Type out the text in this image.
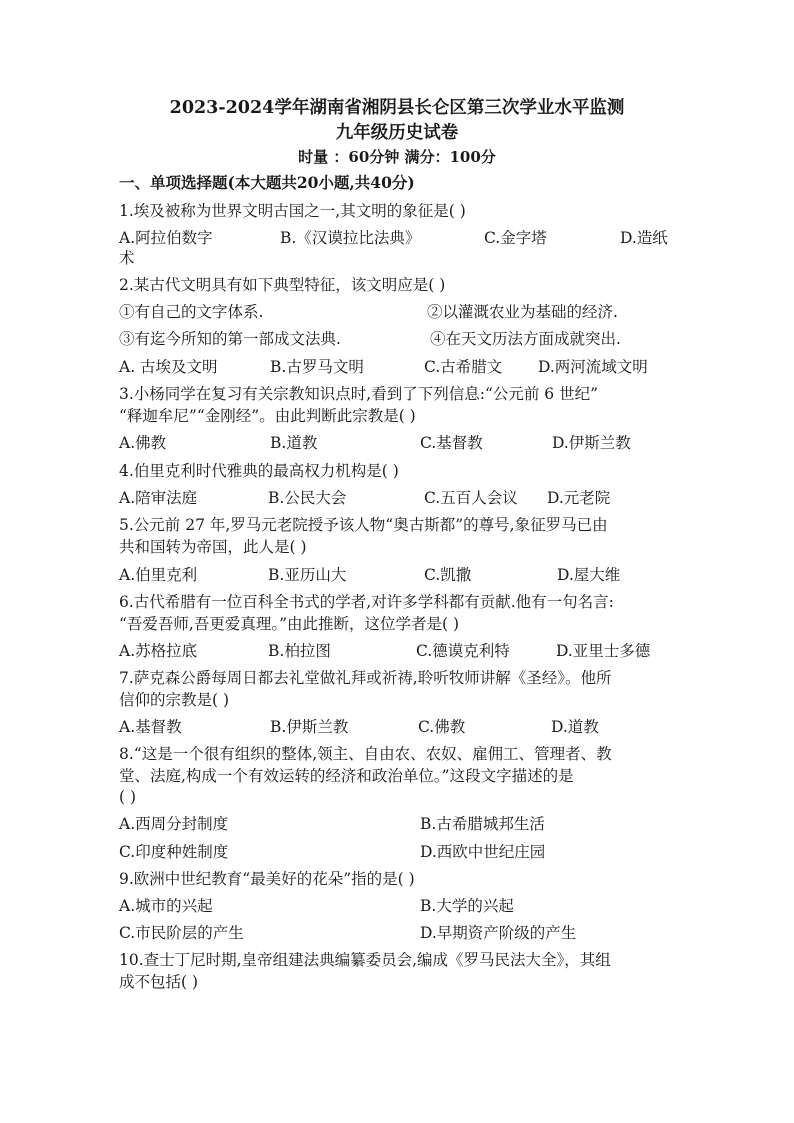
2023-2024学年湖南省湘阴县长仑区第三次学业水平监测
九年级历史试卷
时量 ：60分钟 满分：100分
一、单项选择题(本大题共20小题,共40分)
1.埃及被称为世界文明古国之一,其文明的象征是( )
A.阿拉伯数字	B.《汉谟拉比法典》	C.金字塔	D.造纸
术
2.某古代文明具有如下典型特征，该文明应是( )
①有自己的文字体系.	②以灌溉农业为基础的经济.
③有迄今所知的第一部成文法典.	④在天文历法方面成就突出.
A. 古埃及文明	B.古罗马文明	C.古希腊文 D.两河流域文明
3.小杨同学在复习有关宗教知识点时,看到了下列信息:“公元前 6 世纪”
“释迦牟尼”“金刚经”。由此判断此宗教是( )
A.佛教	B.道教	C.基督教	D.伊斯兰教
4.伯里克利时代雅典的最高权力机构是( )
A.陪审法庭	B.公民大会	C.五百人会议 D.元老院
5.公元前 27 年,罗马元老院授予该人物“奥古斯都”的尊号,象征罗马已由
共和国转为帝国，此人是( )
A.伯里克利	B.亚历山大	C.凯撒	D.屋大维
6.古代希腊有一位百科全书式的学者,对许多学科都有贡献.他有一句名言:
“吾爱吾师,吾更爱真理。”由此推断，这位学者是( )
A.苏格拉底	B.柏拉图	C.德谟克利特	D.亚里士多德
7.萨克森公爵每周日都去礼堂做礼拜或祈祷,聆听牧师讲解《圣经》。他所
信仰的宗教是( )
A.基督教	B.伊斯兰教	C.佛教	D.道教
8.“这是一个很有组织的整体,领主、自由农、农奴、雇佣工、管理者、教
堂、法庭,构成一个有效运转的经济和政治单位。”这段文字描述的是
( )
A.西周分封制度	B.古希腊城邦生活
C.印度种姓制度	D.西欧中世纪庄园
9.欧洲中世纪教育“最美好的花朵”指的是( )
A.城市的兴起	B.大学的兴起
C.市民阶层的产生	D.早期资产阶级的产生
10.查士丁尼时期,皇帝组建法典编纂委员会,编成《罗马民法大全》，其组
成不包括( )
